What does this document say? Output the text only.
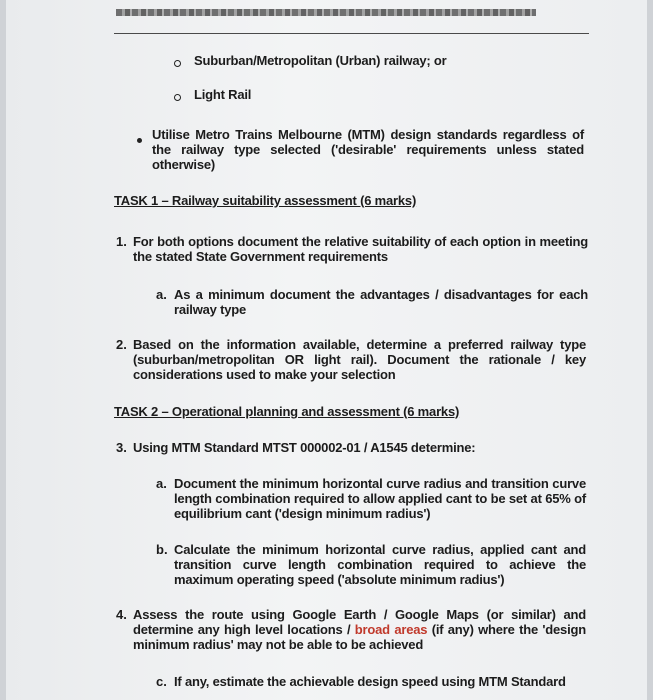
Suburban/Metropolitan (Urban) railway; or
Light Rail
Utilise Metro Trains Melbourne (MTM) design standards regardless of the railway type selected ('desirable' requirements unless stated otherwise)
TASK 1 – Railway suitability assessment (6 marks)
1. For both options document the relative suitability of each option in meeting the stated State Government requirements
a. As a minimum document the advantages / disadvantages for each railway type
2. Based on the information available, determine a preferred railway type (suburban/metropolitan OR light rail). Document the rationale / key considerations used to make your selection
TASK 2 – Operational planning and assessment (6 marks)
3. Using MTM Standard MTST 000002-01 / A1545 determine:
a. Document the minimum horizontal curve radius and transition curve length combination required to allow applied cant to be set at 65% of equilibrium cant ('design minimum radius')
b. Calculate the minimum horizontal curve radius, applied cant and transition curve length combination required to achieve the maximum operating speed ('absolute minimum radius')
4. Assess the route using Google Earth / Google Maps (or similar) and determine any high level locations / broad areas (if any) where the 'design minimum radius' may not be able to be achieved
c. If any, estimate the achievable design speed using MTM Standard
